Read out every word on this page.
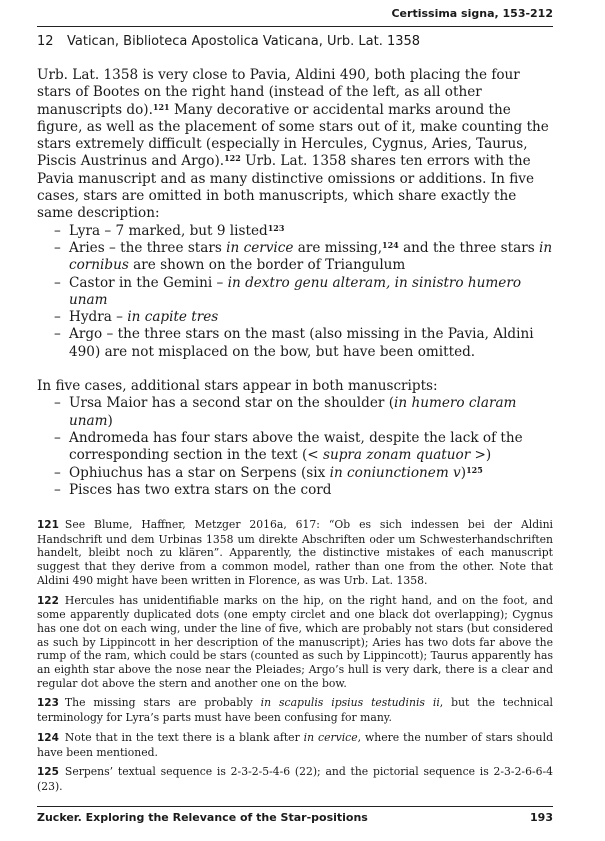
Certissima signa, 153-212
12 Vatican, Biblioteca Apostolica Vaticana, Urb. Lat. 1358

Urb. Lat. 1358 is very close to Pavia, Aldini 490, both placing the four stars of Bootes on the right hand (instead of the left, as all other manuscripts do).$^{121}$ Many decorative or accidental marks around the figure, as well as the placement of some stars out of it, make counting the stars extremely difficult (especially in Hercules, Cygnus, Aries, Taurus, Piscis Austrinus and Argo).$^{122}$ Urb. Lat. 1358 shares ten errors with the Pavia manuscript and as many distinctive omissions or additions. In five cases, stars are omitted in both manuscripts, which share exactly the same description:

– Lyra – 7 marked, but 9 listed$^{123}$
– Aries – the three stars in cervice are missing,$^{124}$ and the three stars in cornibus are shown on the border of Triangulum
– Castor in the Gemini – in dextro genu alteram, in sinistro humero unam
– Hydra – in capite tres
– Argo – the three stars on the mast (also missing in the Pavia, Aldini 490) are not misplaced on the bow, but have been omitted.

In five cases, additional stars appear in both manuscripts:

– Ursa Maior has a second star on the shoulder (in humero claram unam)
– Andromeda has four stars above the waist, despite the lack of the corresponding section in the text (< supra zonam quatuor >)
– Ophiuchus has a star on Serpens (six in coniunctionem v)$^{125}$
– Pisces has two extra stars on the cord

121 See Blume, Haffner, Metzger 2016a, 617: “Ob es sich indessen bei der Aldini Handschrift und dem Urbinas 1358 um direkte Abschriften oder um Schwesterhandschriften handelt, bleibt noch zu klären”. Apparently, the distinctive mistakes of each manuscript suggest that they derive from a common model, rather than one from the other. Note that Aldini 490 might have been written in Florence, as was Urb. Lat. 1358.

122 Hercules has unidentifiable marks on the hip, on the right hand, and on the foot, and some apparently duplicated dots (one empty circlet and one black dot overlapping); Cygnus has one dot on each wing, under the line of five, which are probably not stars (but considered as such by Lippincott in her description of the manuscript); Aries has two dots far above the rump of the ram, which could be stars (counted as such by Lippincott); Taurus apparently has an eighth star above the nose near the Pleiades; Argo’s hull is very dark, there is a clear and regular dot above the stern and another one on the bow.

123 The missing stars are probably in scapulis ipsius testudinis ii, but the technical terminology for Lyra’s parts must have been confusing for many.

124 Note that in the text there is a blank after in cervice, where the number of stars should have been mentioned.

125 Serpens’ textual sequence is 2-3-2-5-4-6 (22); and the pictorial sequence is 2-3-2-6-6-4 (23).

Zucker. Exploring the Relevance of the Star-positions	193
